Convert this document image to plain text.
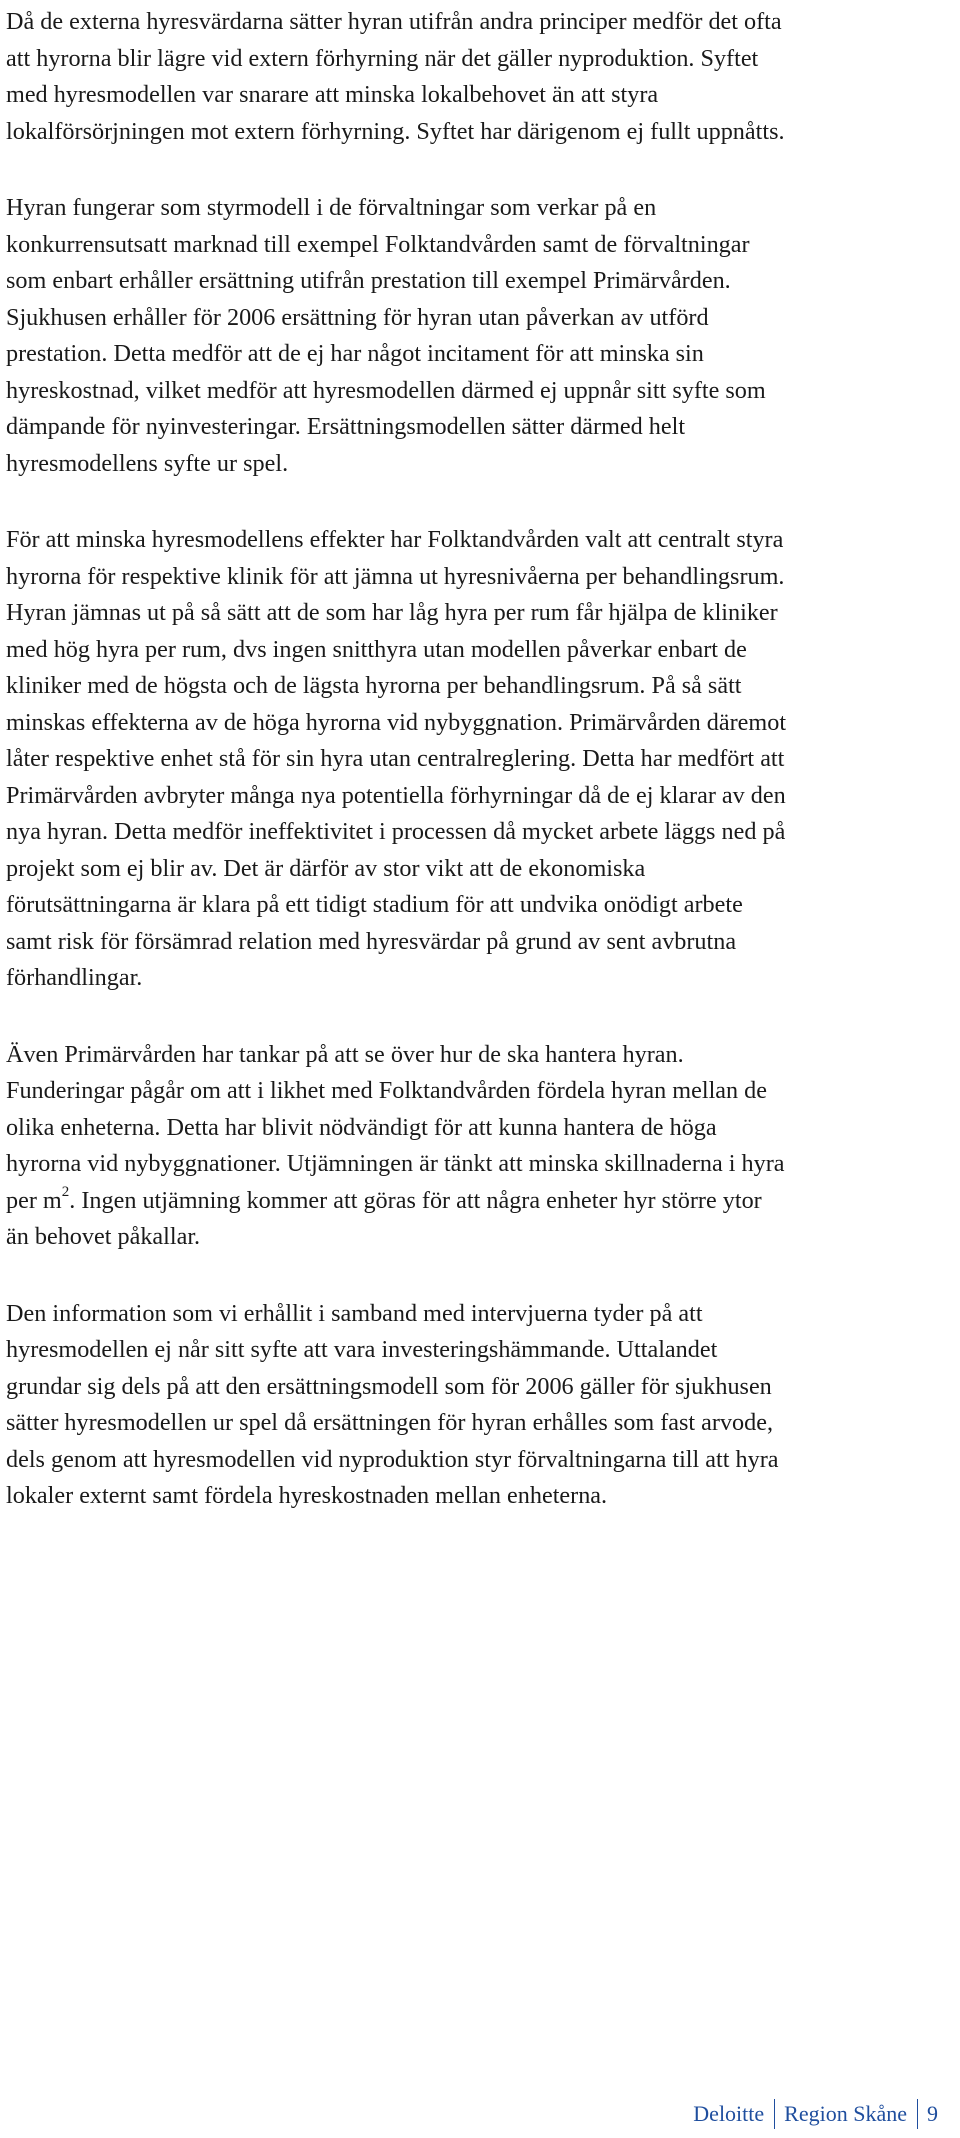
Då de externa hyresvärdarna sätter hyran utifrån andra principer medför det ofta
att hyrorna blir lägre vid extern förhyrning när det gäller nyproduktion. Syftet
med hyresmodellen var snarare att minska lokalbehovet än att styra
lokalförsörjningen mot extern förhyrning. Syftet har därigenom ej fullt uppnåtts.

Hyran fungerar som styrmodell i de förvaltningar som verkar på en
konkurrensutsatt marknad till exempel Folktandvården samt de förvaltningar
som enbart erhåller ersättning utifrån prestation till exempel Primärvården.
Sjukhusen erhåller för 2006 ersättning för hyran utan påverkan av utförd
prestation. Detta medför att de ej har något incitament för att minska sin
hyreskostnad, vilket medför att hyresmodellen därmed ej uppnår sitt syfte som
dämpande för nyinvesteringar. Ersättningsmodellen sätter därmed helt
hyresmodellens syfte ur spel.

För att minska hyresmodellens effekter har Folktandvården valt att centralt styra
hyrorna för respektive klinik för att jämna ut hyresnivåerna per behandlingsrum.
Hyran jämnas ut på så sätt att de som har låg hyra per rum får hjälpa de kliniker
med hög hyra per rum, dvs ingen snitthyra utan modellen påverkar enbart de
kliniker med de högsta och de lägsta hyrorna per behandlingsrum. På så sätt
minskas effekterna av de höga hyrorna vid nybyggnation. Primärvården däremot
låter respektive enhet stå för sin hyra utan centralreglering. Detta har medfört att
Primärvården avbryter många nya potentiella förhyrningar då de ej klarar av den
nya hyran. Detta medför ineffektivitet i processen då mycket arbete läggs ned på
projekt som ej blir av. Det är därför av stor vikt att de ekonomiska
förutsättningarna är klara på ett tidigt stadium för att undvika onödigt arbete
samt risk för försämrad relation med hyresvärdar på grund av sent avbrutna
förhandlingar.

Även Primärvården har tankar på att se över hur de ska hantera hyran.
Funderingar pågår om att i likhet med Folktandvården fördela hyran mellan de
olika enheterna. Detta har blivit nödvändigt för att kunna hantera de höga
hyrorna vid nybyggnationer. Utjämningen är tänkt att minska skillnaderna i hyra
per $m^2$. Ingen utjämning kommer att göras för att några enheter hyr större ytor
än behovet påkallar.

Den information som vi erhållit i samband med intervjuerna tyder på att
hyresmodellen ej når sitt syfte att vara investeringshämmande. Uttalandet
grundar sig dels på att den ersättningsmodell som för 2006 gäller för sjukhusen
sätter hyresmodellen ur spel då ersättningen för hyran erhålles som fast arvode,
dels genom att hyresmodellen vid nyproduktion styr förvaltningarna till att hyra
lokaler externt samt fördela hyreskostnaden mellan enheterna.

Deloitte Region Skåne 9
